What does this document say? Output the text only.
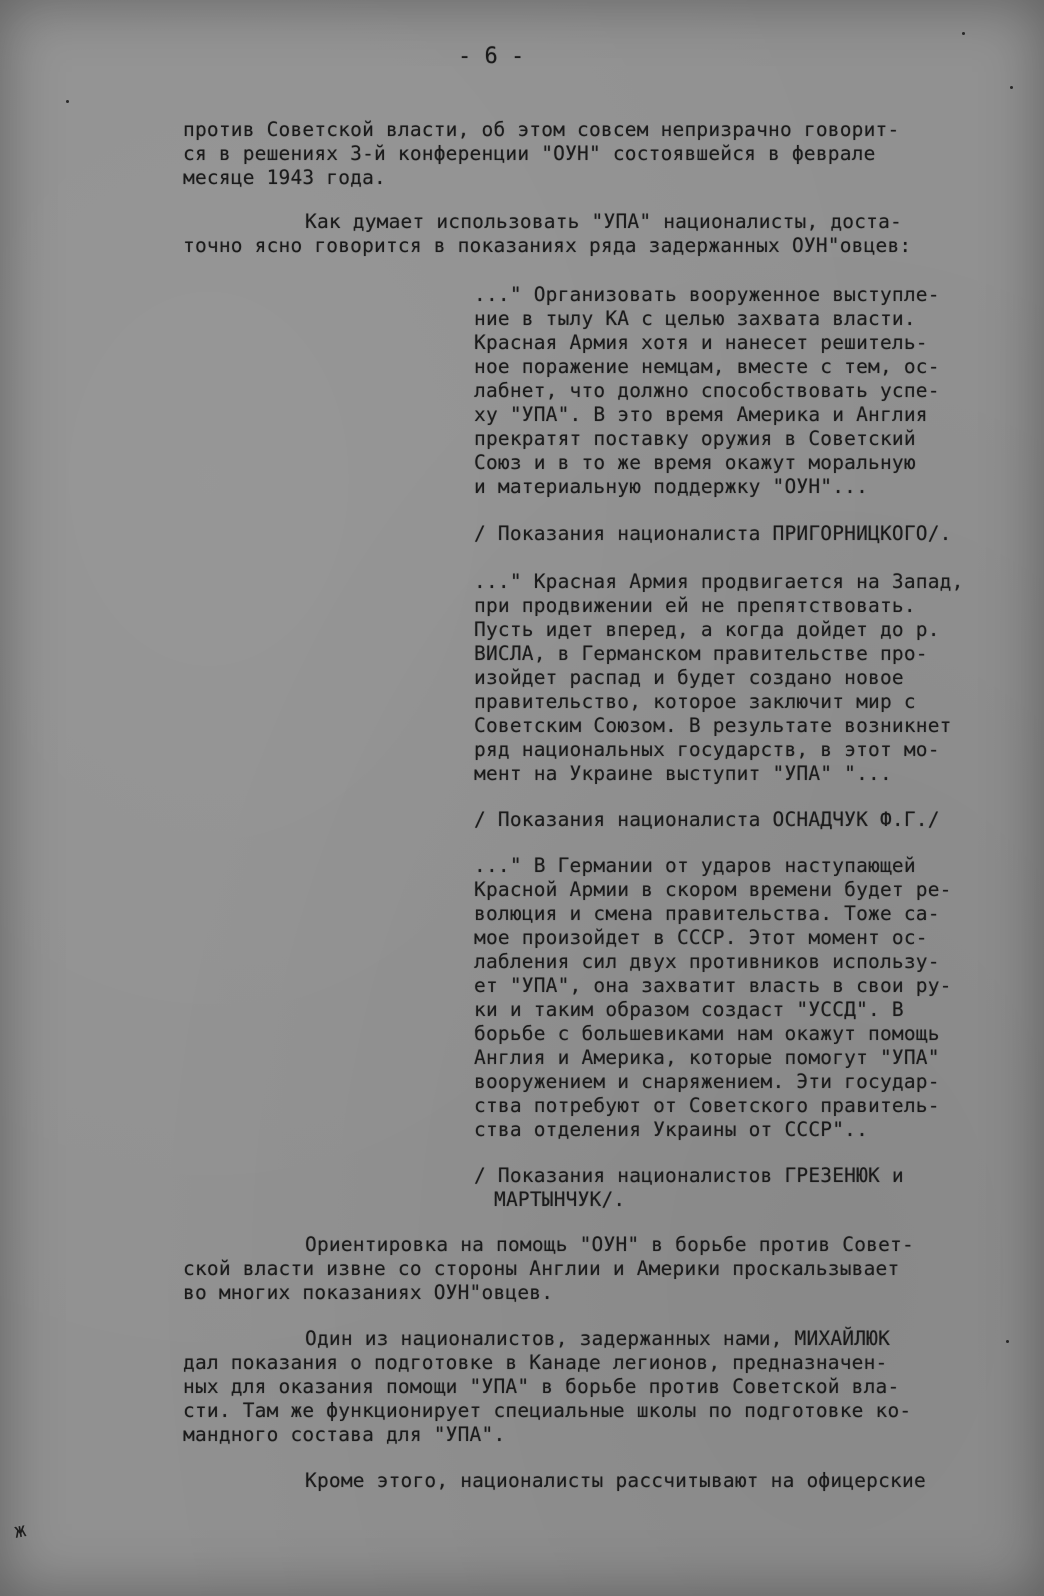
- 6 -
против Советской власти, об этом совсем непризрачно говорит-
ся в решениях 3-й конференции "ОУН" состоявшейся в феврале
месяце 1943 года.
Как думает использовать "УПА" националисты, доста-
точно ясно говорится в показаниях ряда задержанных ОУН"овцев:
..." Организовать вооруженное выступле-
ние в тылу КА с целью захвата власти.
Красная Армия хотя и нанесет решитель-
ное поражение немцам, вместе с тем, ос-
лабнет, что должно способствовать успе-
ху "УПА". В это время Америка и Англия
прекратят поставку оружия в Советский
Союз и в то же время окажут моральную
и материальную поддержку "ОУН"...
/ Показания националиста ПРИГОРНИЦКОГО/.
..." Красная Армия продвигается на Запад,
при продвижении ей не препятствовать.
Пусть идет вперед, а когда дойдет до р.
ВИСЛА, в Германском правительстве про-
изойдет распад и будет создано новое
правительство, которое заключит мир с
Советским Союзом. В результате возникнет
ряд национальных государств, в этот мо-
мент на Украине выступит "УПА" "...
/ Показания националиста ОСНАДЧУК Ф.Г./
..." В Германии от ударов наступающей
Красной Армии в скором времени будет ре-
волюция и смена правительства. Тоже са-
мое произойдет в СССР. Этот момент ос-
лабления сил двух противников использу-
ет "УПА", она захватит власть в свои ру-
ки и таким образом создаст "УССД". В
борьбе с большевиками нам окажут помощь
Англия и Америка, которые помогут "УПА"
вооружением и снаряжением. Эти государ-
ства потребуют от Советского правитель-
ства отделения Украины от СССР"..
/ Показания националистов ГРЕЗЕНЮК и
МАРТЫНЧУК/.
Ориентировка на помощь "ОУН" в борьбе против Совет-
ской власти извне со стороны Англии и Америки проскальзывает
во многих показаниях ОУН"овцев.
Один из националистов, задержанных нами, МИХАЙЛЮК
дал показания о подготовке в Канаде легионов, предназначен-
ных для оказания помощи "УПА" в борьбе против Советской вла-
сти. Там же функционирует специальные школы по подготовке ко-
мандного состава для "УПА".
Кроме этого, националисты рассчитывают на офицерские
ж
